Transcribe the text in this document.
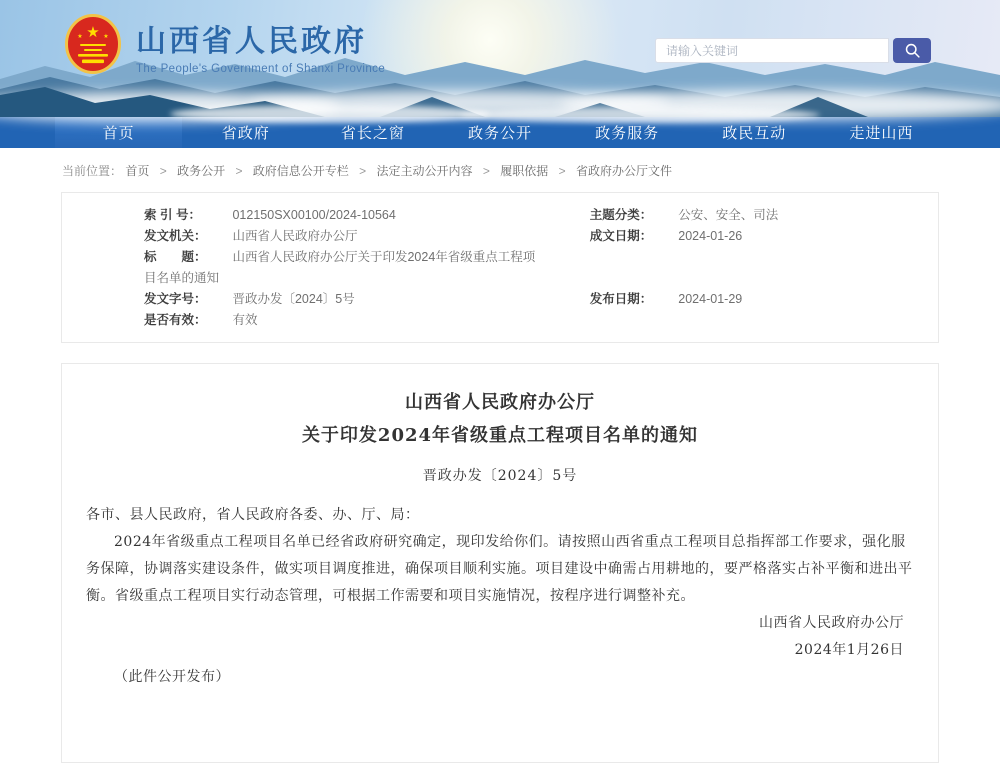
★
★	★ 山西省人民政府
The People's Government of Shanxi Province
请输入关键词
首页	省政府	省长之窗	政务公开	政务服务	政民互动	走进山西
当前位置： 首页 > 政务公开 > 政府信息公开专栏 > 法定主动公开内容 > 履职依据 > 省政府办公厅文件
索 引 号：	012150SX00100/2024-10564	主题分类： 公安、安全、司法
发文机关： 山西省人民政府办公厅	成文日期： 2024-01-26
标　　题： 山西省人民政府办公厅关于印发2024年省级重点工程项目名单的通知
发文字号： 晋政办发〔2024〕5号	发布日期： 2024-01-29
是否有效： 有效
山西省人民政府办公厅
关于印发2024年省级重点工程项目名单的通知
晋政办发〔2024〕5号
各市、县人民政府，省人民政府各委、办、厅、局：
2024年省级重点工程项目名单已经省政府研究确定，现印发给你们。请按照山西省重点工程项目总指挥部工作要求，强化服务保障，协调落实建设条件，做实项目调度推进，确保项目顺利实施。项目建设中确需占用耕地的，要严格落实占补平衡和进出平衡。省级重点工程项目实行动态管理，可根据工作需要和项目实施情况，按程序进行调整补充。
山西省人民政府办公厅
2024年1月26日
（此件公开发布）
